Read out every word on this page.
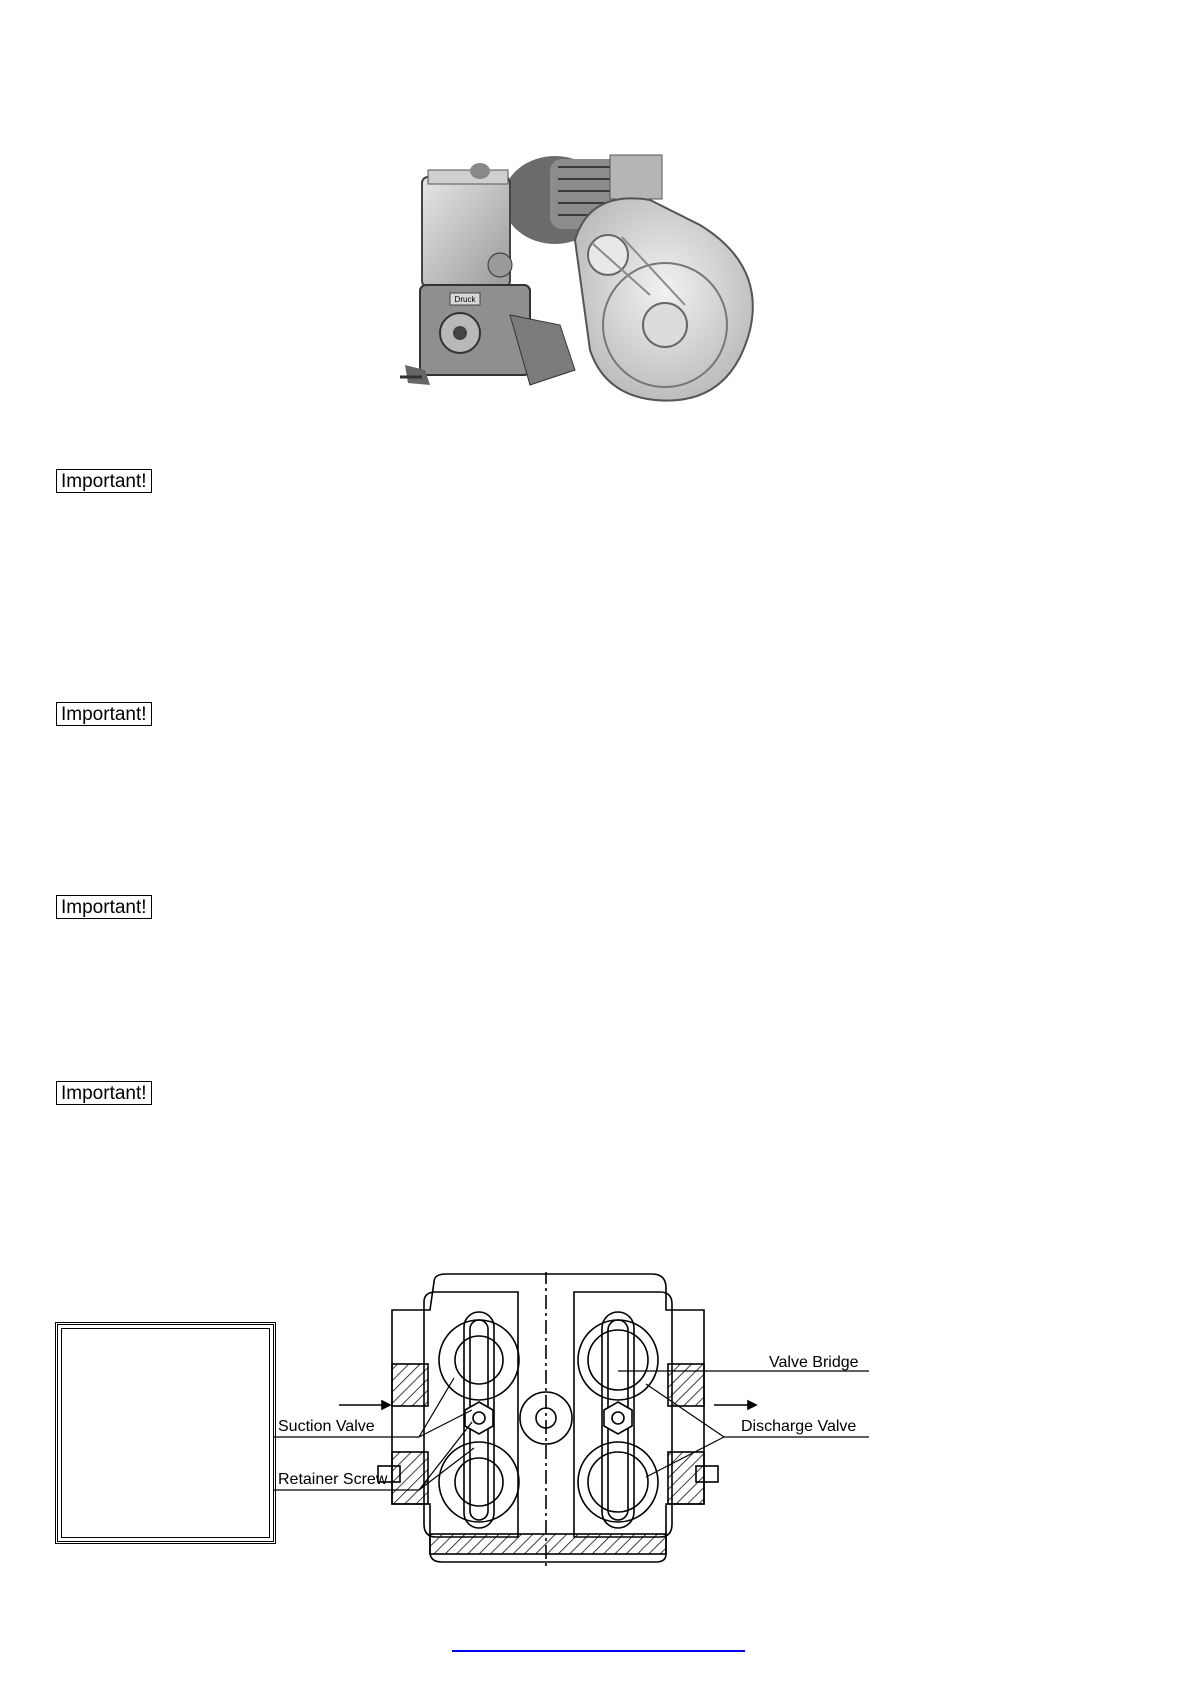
Druck
Important!
Important!
Important!
Important!
Valve Bridge
Suction Valve	Discharge Valve
Retainer Screw
